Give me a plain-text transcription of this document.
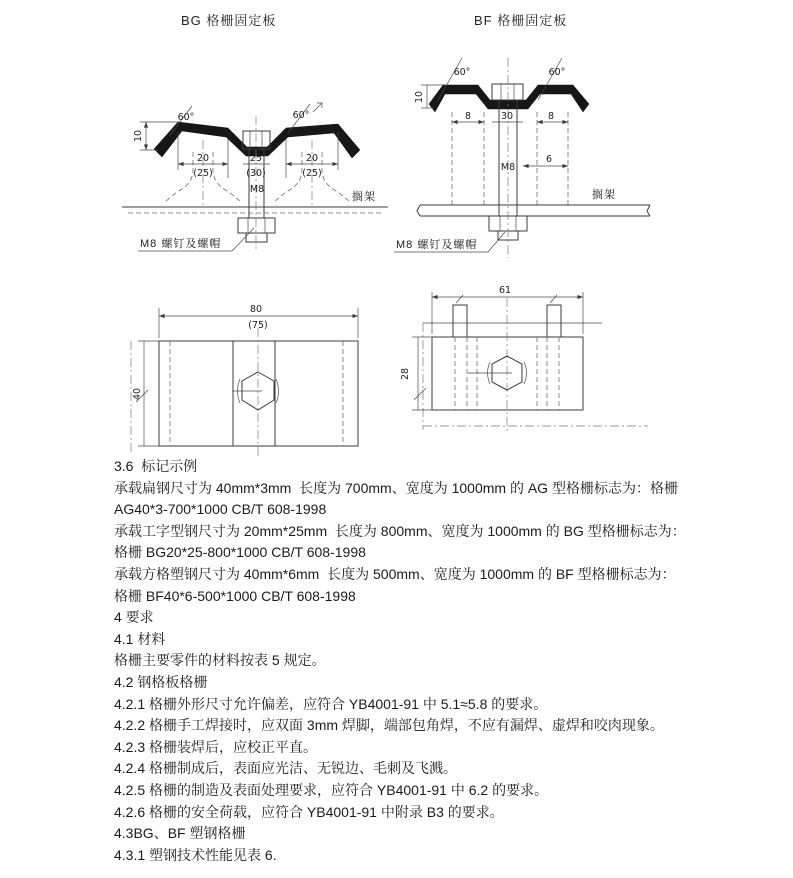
BG 格栅固定板	BF 格栅固定板
10
20
(25)
25
(30)
20
(25)
M8
60°	60°
搁架
M8 螺钉及螺帽
10
8	30	8
M8
6
60°	60°
搁架
M8 螺钉及螺帽
80
(75)
40
61
28
3.6  标记示例
承载扁钢尺寸为 40mm*3mm  长度为 700mm、宽度为 1000mm 的 AG 型格栅标志为：格栅
AG40*3-700*1000 CB/T 608-1998
承载工字型钢尺寸为 20mm*25mm  长度为 800mm、宽度为 1000mm 的 BG 型格栅标志为：
格栅 BG20*25-800*1000 CB/T 608-1998
承载方格塑钢尺寸为 40mm*6mm  长度为 500mm、宽度为 1000mm 的 BF 型格栅标志为：
格栅 BF40*6-500*1000 CB/T 608-1998
4 要求
4.1 材料
格栅主要零件的材料按表 5 规定。
4.2 钢格板格栅
4.2.1 格栅外形尺寸允许偏差，应符合 YB4001-91 中 5.1≈5.8 的要求。
4.2.2 格栅手工焊接时，应双面 3mm 焊脚，端部包角焊，不应有漏焊、虚焊和咬肉现象。
4.2.3 格栅装焊后，应校正平直。
4.2.4 格栅制成后，表面应光洁、无锐边、毛刺及飞溅。
4.2.5 格栅的制造及表面处理要求，应符合 YB4001-91 中 6.2 的要求。
4.2.6 格栅的安全荷载，应符合 YB4001-91 中附录 B3 的要求。
4.3BG、BF 塑钢格栅
4.3.1 塑钢技术性能见表 6.
